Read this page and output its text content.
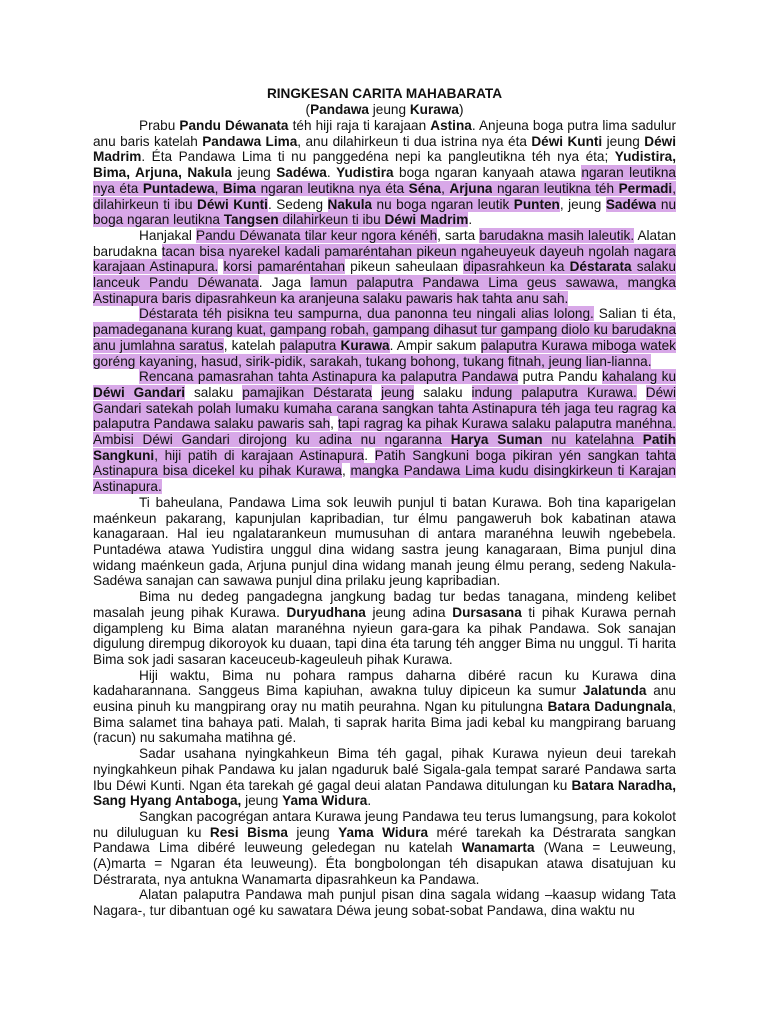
RINGKESAN CARITA MAHABARATA

(Pandawa jeung Kurawa)

Prabu Pandu Déwanata téh hiji raja ti karajaan Astina. Anjeuna boga putra lima sadulur anu baris katelah Pandawa Lima, anu dilahirkeun ti dua istrina nya éta Déwi Kunti jeung Déwi Madrim. Éta Pandawa Lima ti nu panggedéna nepi ka pangleutikna téh nya éta; Yudistira, Bima, Arjuna, Nakula jeung Sadéwa. Yudistira boga ngaran kanyaah atawa ngaran leutikna nya éta Puntadewa, Bima ngaran leutikna nya éta Séna, Arjuna ngaran leutikna téh Permadi, dilahirkeun ti ibu Déwi Kunti. Sedeng Nakula nu boga ngaran leutik Punten, jeung Sadéwa nu boga ngaran leutikna Tangsen dilahirkeun ti ibu Déwi Madrim.

Hanjakal Pandu Déwanata tilar keur ngora kénéh, sarta barudakna masih laleutik. Alatan barudakna tacan bisa nyarekel kadali pamaréntahan pikeun ngaheuyeuk dayeuh ngolah nagara karajaan Astinapura. korsi pamaréntahan pikeun saheulaan dipasrahkeun ka Déstarata salaku lanceuk Pandu Déwanata. Jaga lamun palaputra Pandawa Lima geus sawawa, mangka Astinapura baris dipasrahkeun ka aranjeuna salaku pawaris hak tahta anu sah.

Déstarata téh pisikna teu sampurna, dua panonna teu ningali alias lolong. Salian ti éta, pamadeganana kurang kuat, gampang robah, gampang dihasut tur gampang diolo ku barudakna anu jumlahna saratus, katelah palaputra Kurawa. Ampir sakum palaputra Kurawa miboga watek goréng kayaning, hasud, sirik-pidik, sarakah, tukang bohong, tukang fitnah, jeung lian-lianna.

Rencana pamasrahan tahta Astinapura ka palaputra Pandawa putra Pandu kahalang ku Déwi Gandari salaku pamajikan Déstarata jeung salaku indung palaputra Kurawa. Déwi Gandari satekah polah lumaku kumaha carana sangkan tahta Astinapura téh jaga teu ragrag ka palaputra Pandawa salaku pawaris sah, tapi ragrag ka pihak Kurawa salaku palaputra manéhna. Ambisi Déwi Gandari dirojong ku adina nu ngaranna Harya Suman nu katelahna Patih Sangkuni, hiji patih di karajaan Astinapura. Patih Sangkuni boga pikiran yén sangkan tahta Astinapura bisa dicekel ku pihak Kurawa, mangka Pandawa Lima kudu disingkirkeun ti Karajan Astinapura.

Ti baheulana, Pandawa Lima sok leuwih punjul ti batan Kurawa. Boh tina kaparigelan maénkeun pakarang, kapunjulan kapribadian, tur élmu pangaweruh bok kabatinan atawa kanagaraan. Hal ieu ngalatarankeun mumusuhan di antara maranéhna leuwih ngebebela. Puntadéwa atawa Yudistira unggul dina widang sastra jeung kanagaraan, Bima punjul dina widang maénkeun gada, Arjuna punjul dina widang manah jeung élmu perang, sedeng Nakula-Sadéwa sanajan can sawawa punjul dina prilaku jeung kapribadian.

Bima nu dedeg pangadegna jangkung badag tur bedas tanagana, mindeng kelibet masalah jeung pihak Kurawa. Duryudhana jeung adina Dursasana ti pihak Kurawa pernah digampleng ku Bima alatan maranéhna nyieun gara-gara ka pihak Pandawa. Sok sanajan digulung dirempug dikoroyok ku duaan, tapi dina éta tarung téh angger Bima nu unggul. Ti harita Bima sok jadi sasaran kaceuceub-kageuleuh pihak Kurawa.

Hiji waktu, Bima nu pohara rampus daharna dibéré racun ku Kurawa dina kadaharannana. Sanggeus Bima kapiuhan, awakna tuluy dipiceun ka sumur Jalatunda anu eusina pinuh ku mangpirang oray nu matih peurahna. Ngan ku pitulungna Batara Dadungnala, Bima salamet tina bahaya pati. Malah, ti saprak harita Bima jadi kebal ku mangpirang baruang (racun) nu sakumaha matihna gé.

Sadar usahana nyingkahkeun Bima téh gagal, pihak Kurawa nyieun deui tarekah nyingkahkeun pihak Pandawa ku jalan ngaduruk balé Sigala-gala tempat sararé Pandawa sarta Ibu Déwi Kunti. Ngan éta tarekah gé gagal deui alatan Pandawa ditulungan ku Batara Naradha, Sang Hyang Antaboga, jeung Yama Widura.

Sangkan pacogrégan antara Kurawa jeung Pandawa teu terus lumangsung, para kokolot nu diluluguan ku Resi Bisma jeung Yama Widura méré tarekah ka Déstrarata sangkan Pandawa Lima dibéré leuweung geledegan nu katelah Wanamarta (Wana = Leuweung, (A)marta = Ngaran éta leuweung). Éta bongbolongan téh disapukan atawa disatujuan ku Déstrarata, nya antukna Wanamarta dipasrahkeun ka Pandawa.

Alatan palaputra Pandawa mah punjul pisan dina sagala widang –kaasup widang Tata Nagara-, tur dibantuan ogé ku sawatara Déwa jeung sobat-sobat Pandawa, dina waktu nu
